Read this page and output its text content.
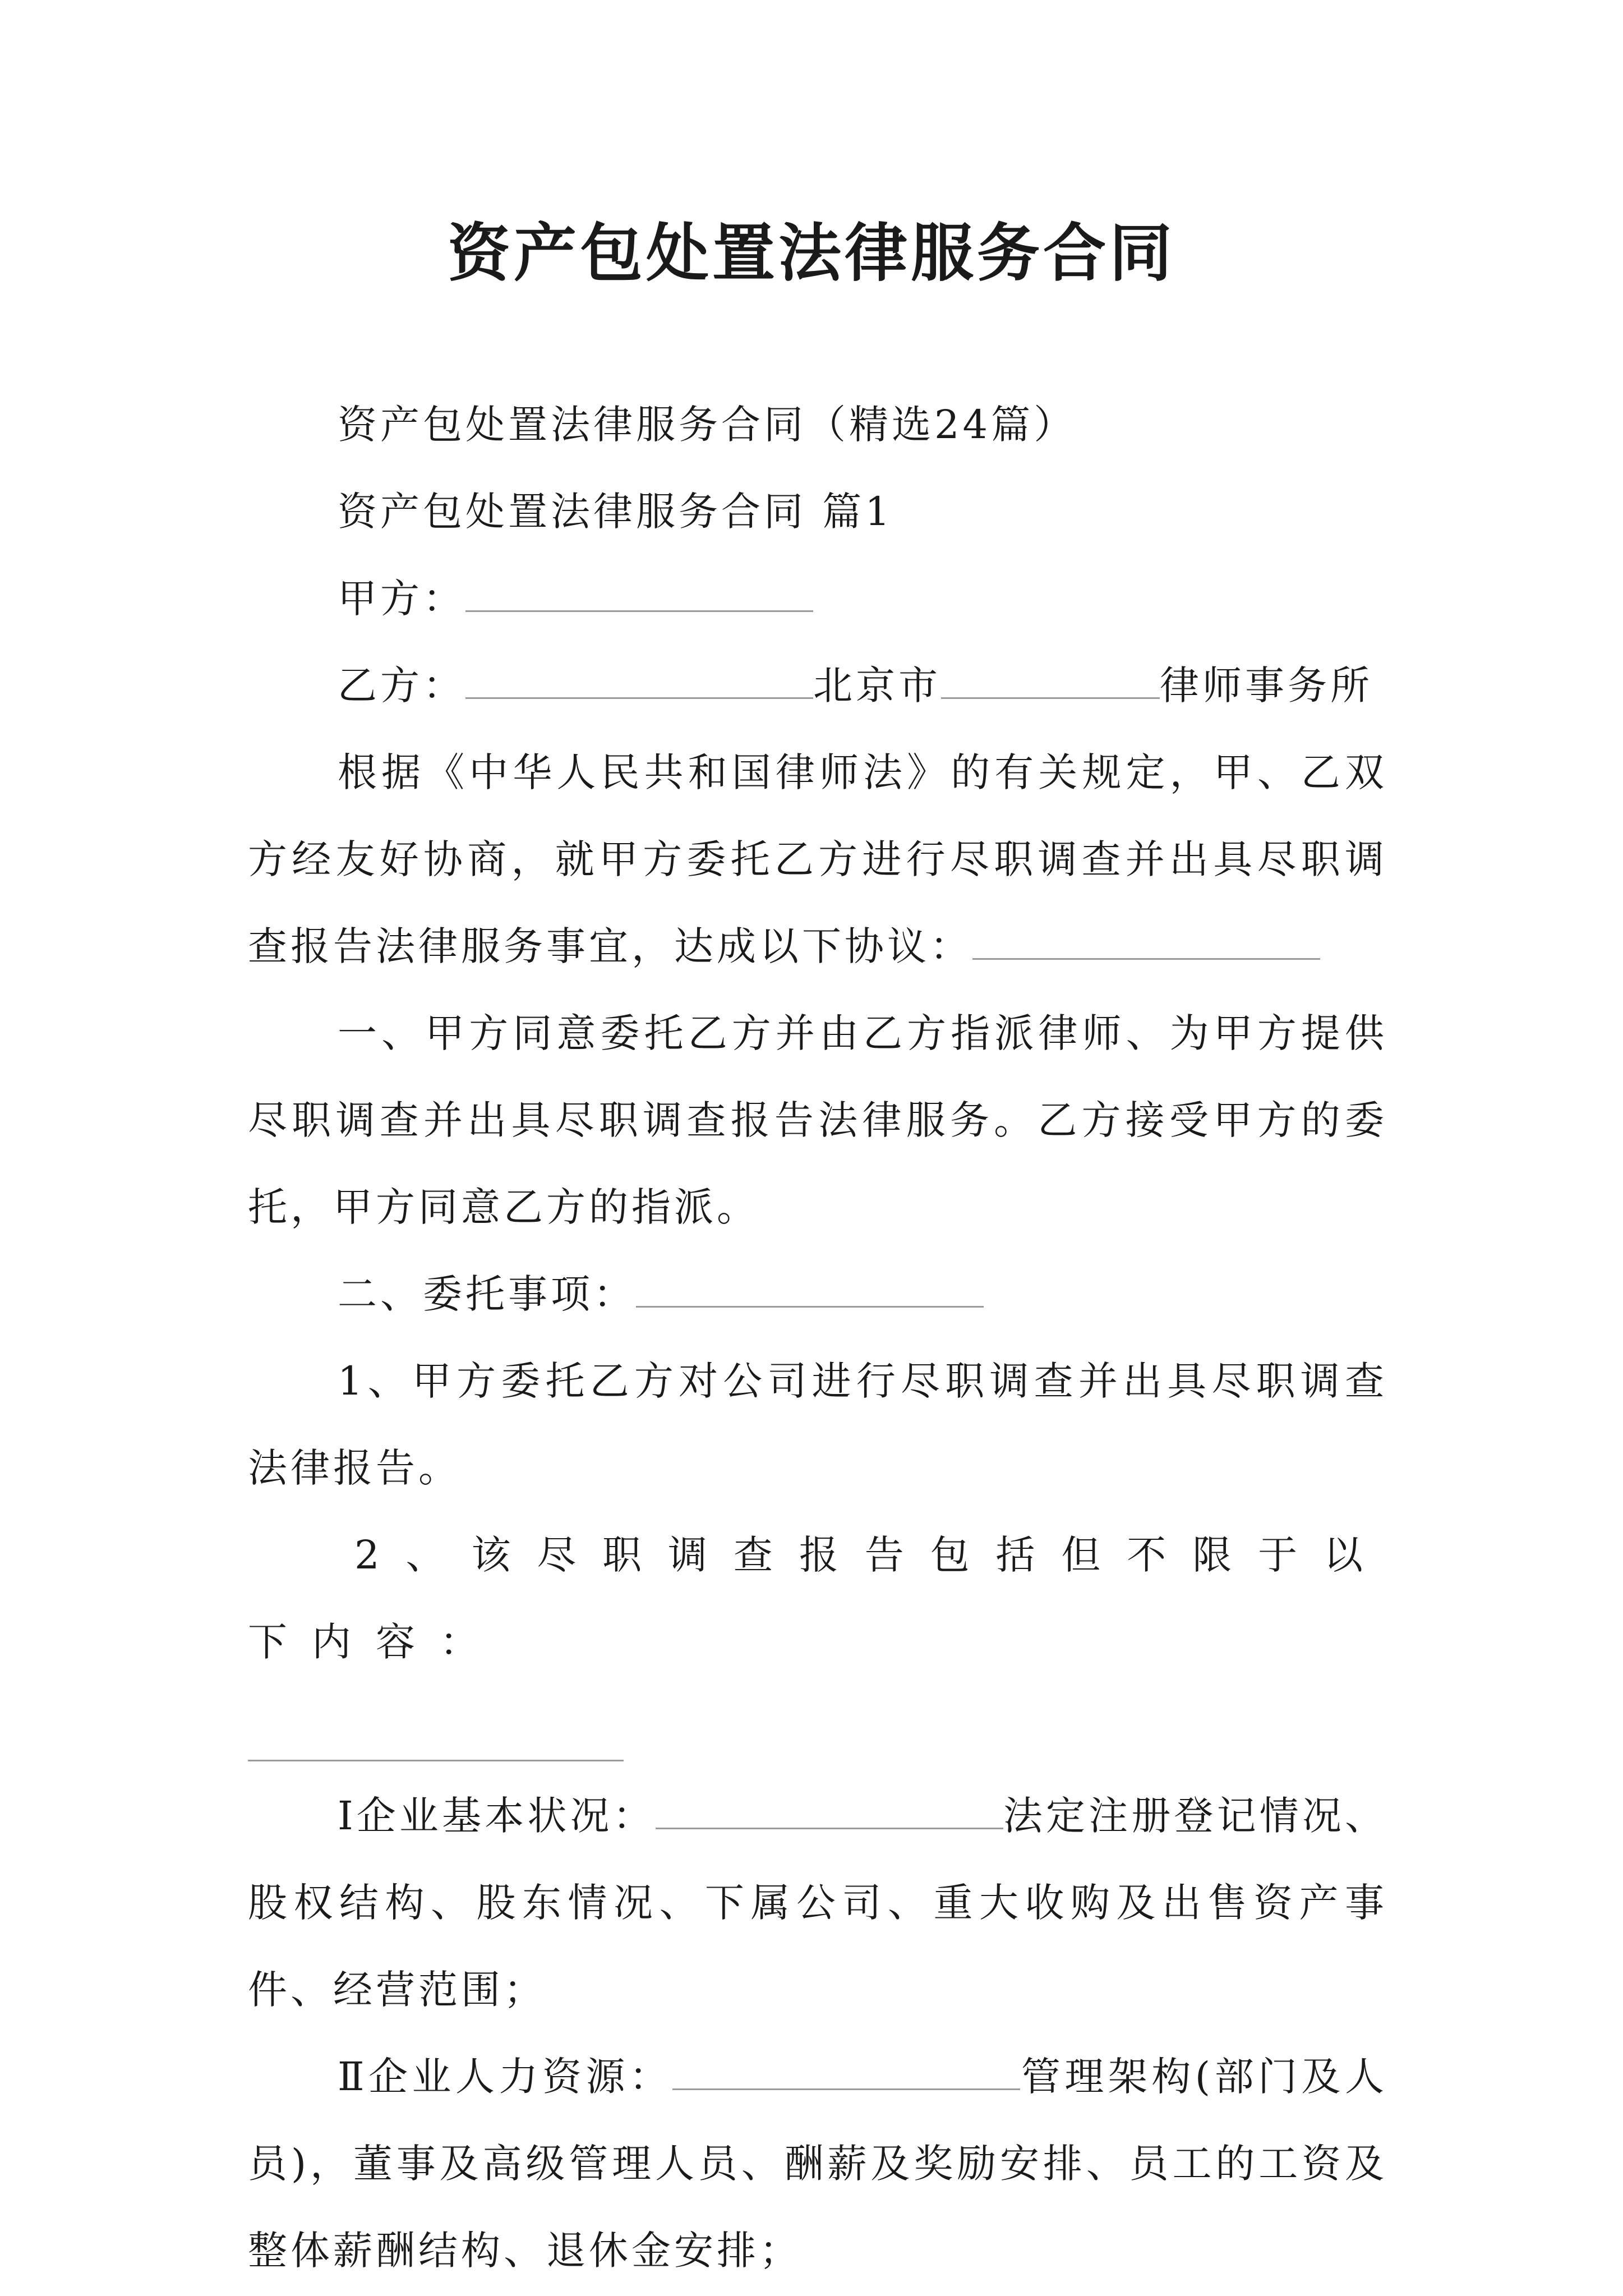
资产包处置法律服务合同

资产包处置法律服务合同（精选24篇）

资产包处置法律服务合同 篇1

甲方：

乙方：	北京市	律师事务所

根据《中华人民共和国律师法》的有关规定，甲、乙双方经友好协商，就甲方委托乙方进行尽职调查并出具尽职调查报告法律服务事宜，达成以下协议：

一、甲方同意委托乙方并由乙方指派律师、为甲方提供尽职调查并出具尽职调查报告法律服务。乙方接受甲方的委托，甲方同意乙方的指派。

二、委托事项：

1、甲方委托乙方对公司进行尽职调查并出具尽职调查法律报告。

2、该尽职调查报告包括但不限于以下内容：

Ⅰ企业基本状况：	法定注册登记情况、股权结构、股东情况、下属公司、重大收购及出售资产事件、经营范围；

Ⅱ企业人力资源：	管理架构(部门及人员)，董事及高级管理人员、酬薪及奖励安排、员工的工资及整体薪酬结构、退休金安排；
